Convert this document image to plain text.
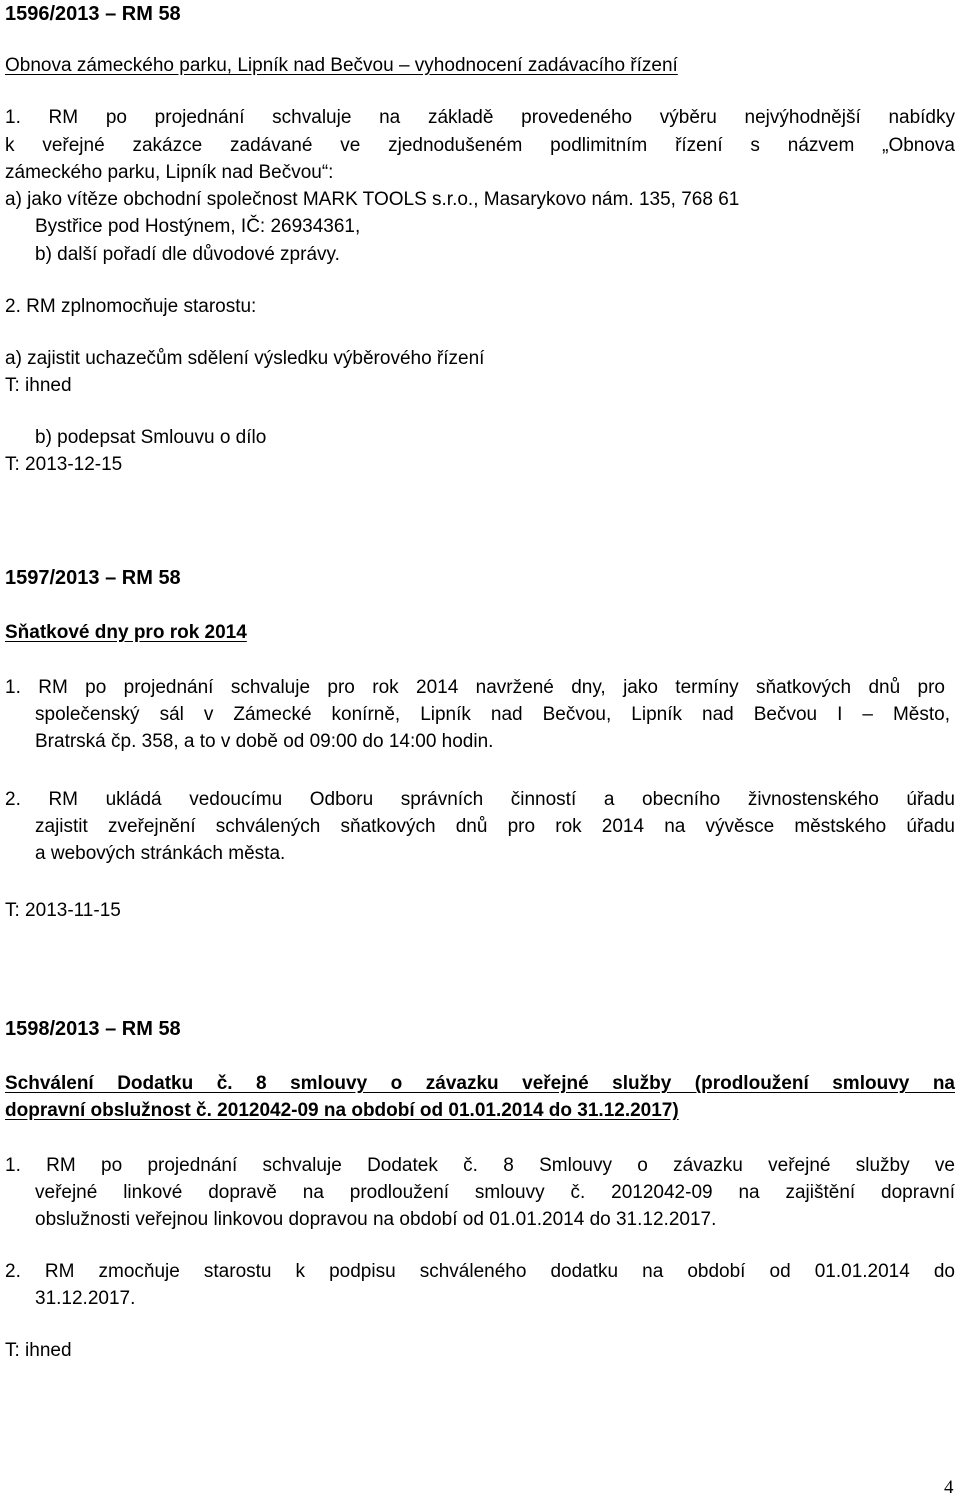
1596/2013 – RM 58
Obnova zámeckého parku, Lipník nad Bečvou – vyhodnocení zadávacího řízení
1. RM po projednání schvaluje na základě provedeného výběru nejvýhodnější nabídky
k veřejné zakázce zadávané ve zjednodušeném podlimitním řízení s názvem „Obnova
zámeckého parku, Lipník nad Bečvou“:
a) jako vítěze obchodní společnost MARK TOOLS s.r.o., Masarykovo nám. 135, 768 61
Bystřice pod Hostýnem, IČ: 26934361,
b) další pořadí dle důvodové zprávy.
2. RM zplnomocňuje starostu:
a) zajistit uchazečům sdělení výsledku výběrového řízení
T: ihned
b) podepsat Smlouvu o dílo
T: 2013-12-15
1597/2013 – RM 58
Sňatkové dny pro rok 2014
1. RM po projednání schvaluje pro rok 2014 navržené dny, jako termíny sňatkových dnů pro
společenský sál v Zámecké konírně, Lipník nad Bečvou, Lipník nad Bečvou I – Město,
Bratrská čp. 358, a to v době od 09:00 do 14:00 hodin.
2. RM ukládá vedoucímu Odboru správních činností a obecního živnostenského úřadu
zajistit zveřejnění schválených sňatkových dnů pro rok 2014 na vývěsce městského úřadu
a webových stránkách města.
T: 2013-11-15
1598/2013 – RM 58
Schválení Dodatku č. 8 smlouvy o závazku veřejné služby (prodloužení smlouvy na
dopravní obslužnost č. 2012042-09 na období od 01.01.2014 do 31.12.2017)
1. RM po projednání schvaluje Dodatek č. 8 Smlouvy o závazku veřejné služby ve
veřejné linkové dopravě na prodloužení smlouvy č. 2012042-09 na zajištění dopravní
obslužnosti veřejnou linkovou dopravou na období od 01.01.2014 do 31.12.2017.
2. RM zmocňuje starostu k podpisu schváleného dodatku na období od 01.01.2014 do
31.12.2017.
T: ihned
4
